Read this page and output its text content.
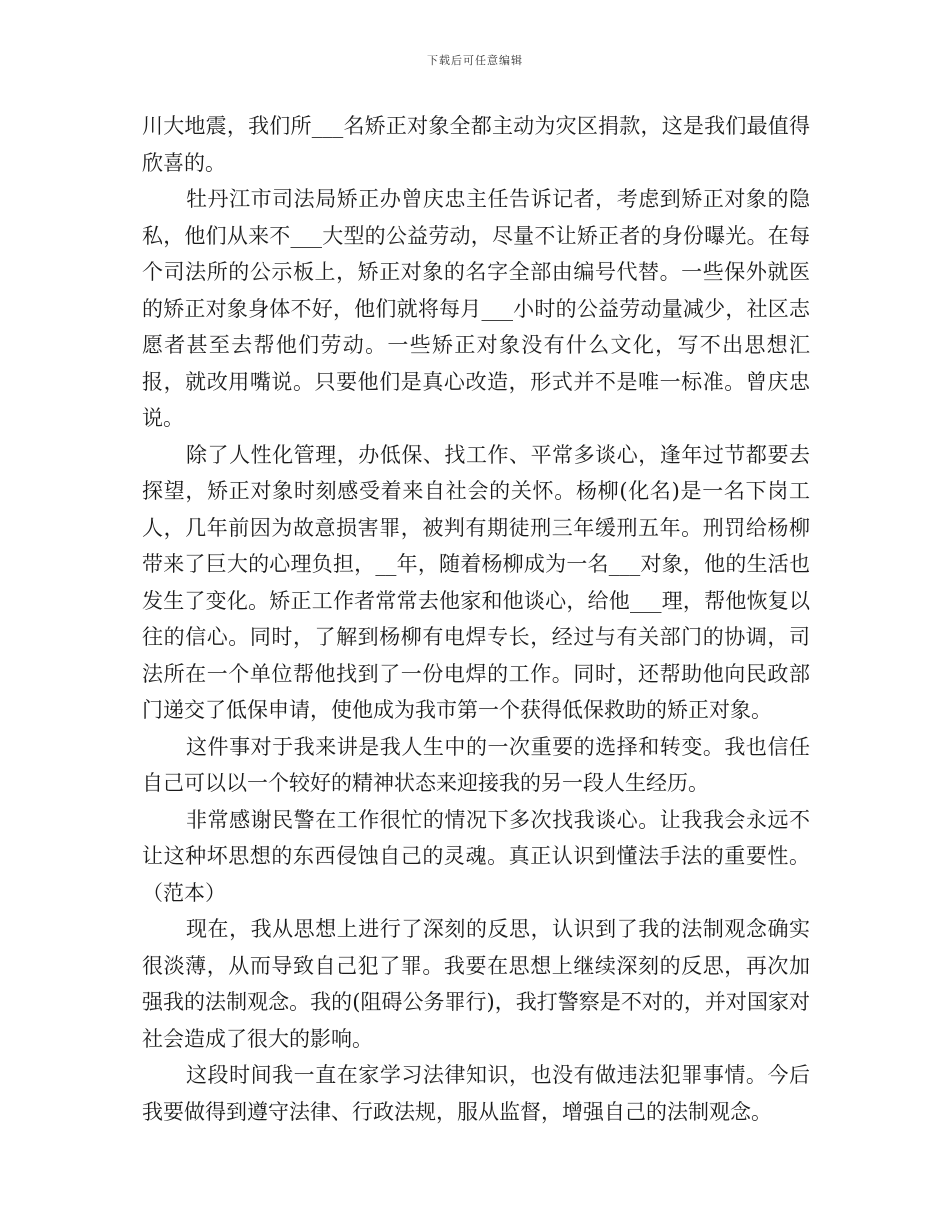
下载后可任意编辑

川大地震，我们所___名矫正对象全都主动为灾区捐款，这是我们最值得欣喜的。

牡丹江市司法局矫正办曾庆忠主任告诉记者，考虑到矫正对象的隐私，他们从来不___大型的公益劳动，尽量不让矫正者的身份曝光。在每个司法所的公示板上，矫正对象的名字全部由编号代替。一些保外就医的矫正对象身体不好，他们就将每月___小时的公益劳动量减少，社区志愿者甚至去帮他们劳动。一些矫正对象没有什么文化，写不出思想汇报，就改用嘴说。只要他们是真心改造，形式并不是唯一标准。曾庆忠说。

除了人性化管理，办低保、找工作、平常多谈心，逢年过节都要去探望，矫正对象时刻感受着来自社会的关怀。杨柳(化名)是一名下岗工人，几年前因为故意损害罪，被判有期徒刑三年缓刑五年。刑罚给杨柳带来了巨大的心理负担，__年，随着杨柳成为一名___对象，他的生活也发生了变化。矫正工作者常常去他家和他谈心，给他___理，帮他恢复以往的信心。同时，了解到杨柳有电焊专长，经过与有关部门的协调，司法所在一个单位帮他找到了一份电焊的工作。同时，还帮助他向民政部门递交了低保申请，使他成为我市第一个获得低保救助的矫正对象。

这件事对于我来讲是我人生中的一次重要的选择和转变。我也信任自己可以以一个较好的精神状态来迎接我的另一段人生经历。

非常感谢民警在工作很忙的情况下多次找我谈心。让我我会永远不让这种坏思想的东西侵蚀自己的灵魂。真正认识到懂法手法的重要性。（范本）

现在，我从思想上进行了深刻的反思，认识到了我的法制观念确实很淡薄，从而导致自己犯了罪。我要在思想上继续深刻的反思，再次加强我的法制观念。我的(阻碍公务罪行)，我打警察是不对的，并对国家对社会造成了很大的影响。

这段时间我一直在家学习法律知识，也没有做违法犯罪事情。今后我要做得到遵守法律、行政法规，服从监督，增强自己的法制观念。
